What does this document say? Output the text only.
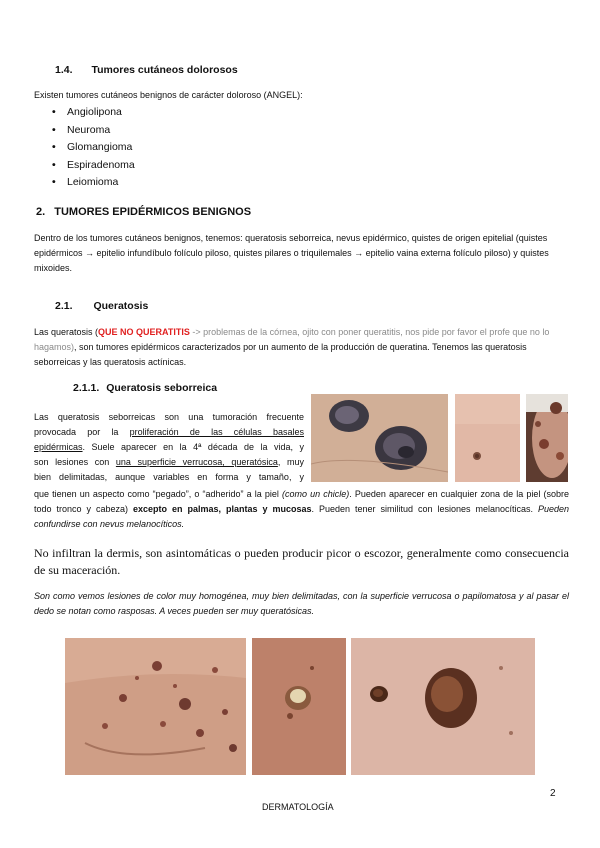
1.4. Tumores cutáneos dolorosos
Existen tumores cutáneos benignos de carácter doloroso (ANGEL):
• Angiolipona
• Neuroma
• Glomangioma
• Espiradenoma
• Leiomioma
2. TUMORES EPIDÉRMICOS BENIGNOS
Dentro de los tumores cutáneos benignos, tenemos: queratosis seborreica, nevus epidérmico, quistes de origen epitelial (quistes epidérmicos → epitelio infundíbulo folículo piloso, quistes pilares o triquilemales → epitelio vaina externa folículo piloso) y quistes mixoides.
2.1. Queratosis
Las queratosis (QUE NO QUERATITIS -> problemas de la córnea, ojito con poner queratitis, nos pide por favor el profe que no lo hagamos), son tumores epidérmicos caracterizados por un aumento de la producción de queratina. Tenemos las queratosis seborreicas y las queratosis actínicas.
2.1.1. Queratosis seborreica
Las queratosis seborreicas son una tumoración frecuente
provocada por la proliferación de las células basales
epidérmicas. Suele aparecer en la 4ª década de la vida, y
son lesiones con una superficie verrucosa, queratósica, muy
bien delimitadas, aunque variables en forma y tamaño, y
que tienen un aspecto como “pegado”, o “adherido” a la piel (como un chicle). Pueden aparecer en cualquier zona de la piel (sobre todo tronco y cabeza) excepto en palmas, plantas y mucosas. Pueden tener similitud con lesiones melanocíticas. Pueden confundirse con nevus melanocíticos.
No infiltran la dermis, son asintomáticas o pueden producir picor o escozor, generalmente como consecuencia de su maceración.
Son como vemos lesiones de color muy homogénea, muy bien delimitadas, con la superficie verrucosa o papilomatosa y al pasar el dedo se notan como rasposas. A veces pueden ser muy queratósicas.
2
DERMATOLOGÍA
